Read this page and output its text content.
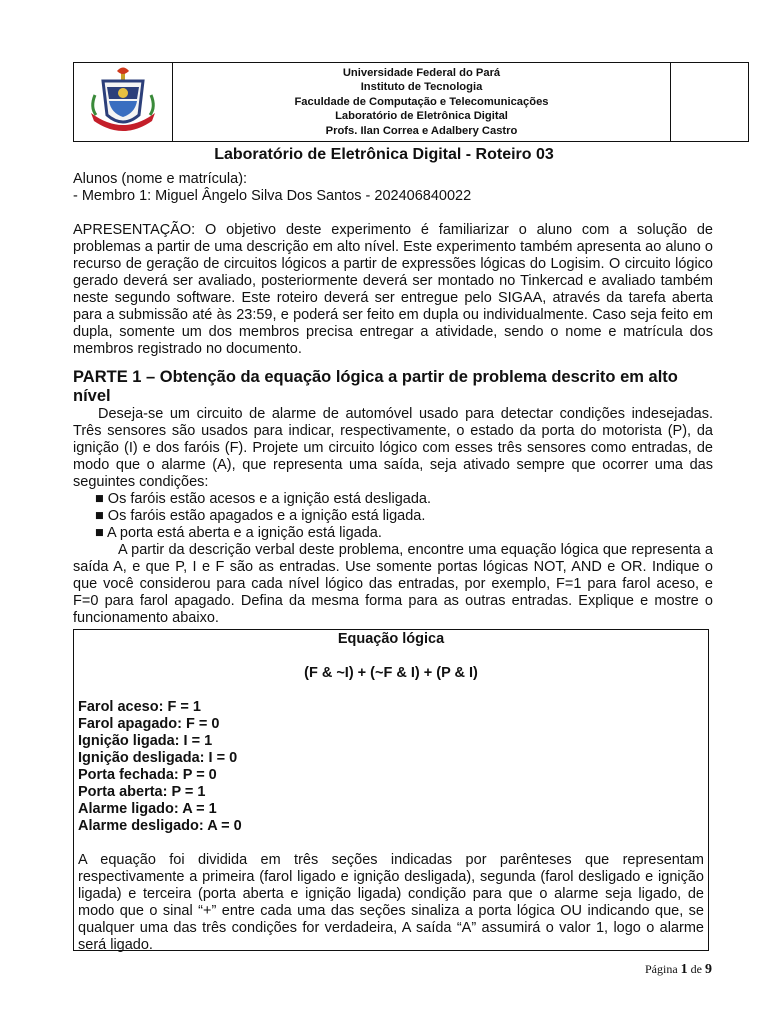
Universidade Federal do Pará
Instituto de Tecnologia
Faculdade de Computação e Telecomunicações
Laboratório de Eletrônica Digital
Profs. Ilan Correa e Adalbery Castro

Laboratório de Eletrônica Digital - Roteiro 03
Alunos (nome e matrícula):
- Membro 1: Miguel Ângelo Silva Dos Santos - 202406840022

APRESENTAÇÃO: O objetivo deste experimento é familiarizar o aluno com a solução de problemas a partir de uma descrição em alto nível. Este experimento também apresenta ao aluno o recurso de geração de circuitos lógicos a partir de expressões lógicas do Logisim. O circuito lógico gerado deverá ser avaliado, posteriormente deverá ser montado no Tinkercad e avaliado também neste segundo software. Este roteiro deverá ser entregue pelo SIGAA, através da tarefa aberta para a submissão até às 23:59, e poderá ser feito em dupla ou individualmente. Caso seja feito em dupla, somente um dos membros precisa entregar a atividade, sendo o nome e matrícula dos membros registrado no documento.

PARTE 1 – Obtenção da equação lógica a partir de problema descrito em alto nível

Deseja-se um circuito de alarme de automóvel usado para detectar condições indesejadas. Três sensores são usados para indicar, respectivamente, o estado da porta do motorista (P), da ignição (I) e dos faróis (F). Projete um circuito lógico com esses três sensores como entradas, de modo que o alarme (A), que representa uma saída, seja ativado sempre que ocorrer uma das seguintes condições:

■ Os faróis estão acesos e a ignição está desligada.
■ Os faróis estão apagados e a ignição está ligada.
■ A porta está aberta e a ignição está ligada.

A partir da descrição verbal deste problema, encontre uma equação lógica que representa a saída A, e que P, I e F são as entradas. Use somente portas lógicas NOT, AND e OR. Indique o que você considerou para cada nível lógico das entradas, por exemplo, F=1 para farol aceso, e F=0 para farol apagado. Defina da mesma forma para as outras entradas. Explique e mostre o funcionamento abaixo.

Equação lógica
(F & ~I) + (~F & I) + (P & I)
Farol aceso: F = 1
Farol apagado: F = 0
Ignição ligada: I = 1
Ignição desligada: I = 0
Porta fechada: P = 0
Porta aberta: P = 1
Alarme ligado: A = 1
Alarme desligado: A = 0

A equação foi dividida em três seções indicadas por parênteses que representam respectivamente a primeira (farol ligado e ignição desligada), segunda (farol desligado e ignição ligada) e terceira (porta aberta e ignição ligada) condição para que o alarme seja ligado, de modo que o sinal “+” entre cada uma das seções sinaliza a porta lógica OU indicando que, se qualquer uma das três condições for verdadeira, A saída “A” assumirá o valor 1, logo o alarme será ligado.

Página 1 de 9
